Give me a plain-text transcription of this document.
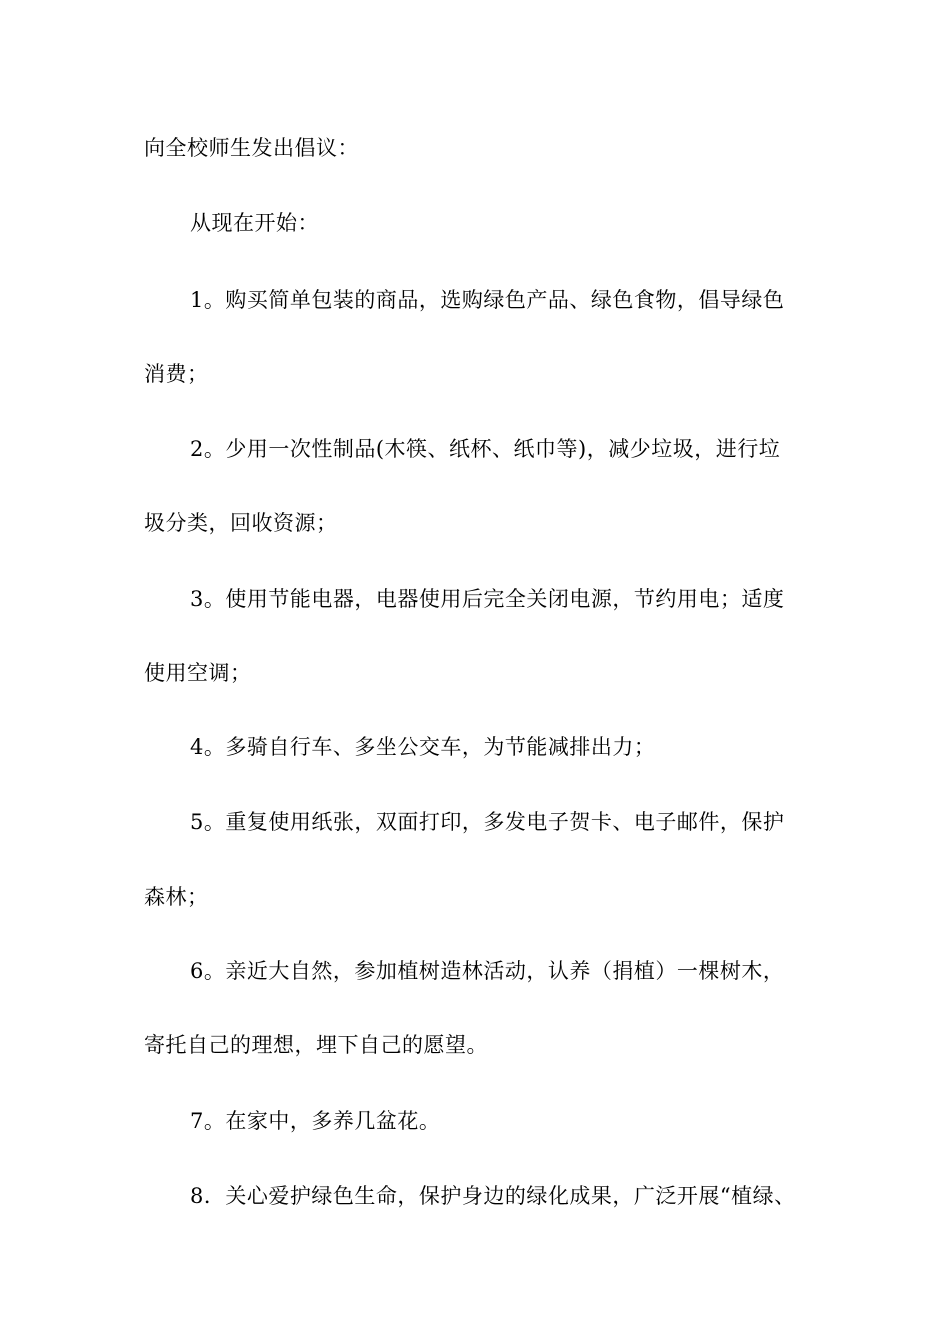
向全校师生发出倡议：
从现在开始：
1。购买简单包装的商品，选购绿色产品、绿色食物，倡导绿色
消费；
2。少用一次性制品(木筷、纸杯、纸巾等)，减少垃圾，进行垃
圾分类，回收资源；
3。使用节能电器，电器使用后完全关闭电源，节约用电；适度
使用空调；
4。多骑自行车、多坐公交车，为节能减排出力；
5。重复使用纸张，双面打印，多发电子贺卡、电子邮件，保护
森林；
6。亲近大自然，参加植树造林活动，认养（捐植）一棵树木，
寄托自己的理想，埋下自己的愿望。
7。在家中，多养几盆花。
8．关心爱护绿色生命，保护身边的绿化成果，广泛开展“植绿、
